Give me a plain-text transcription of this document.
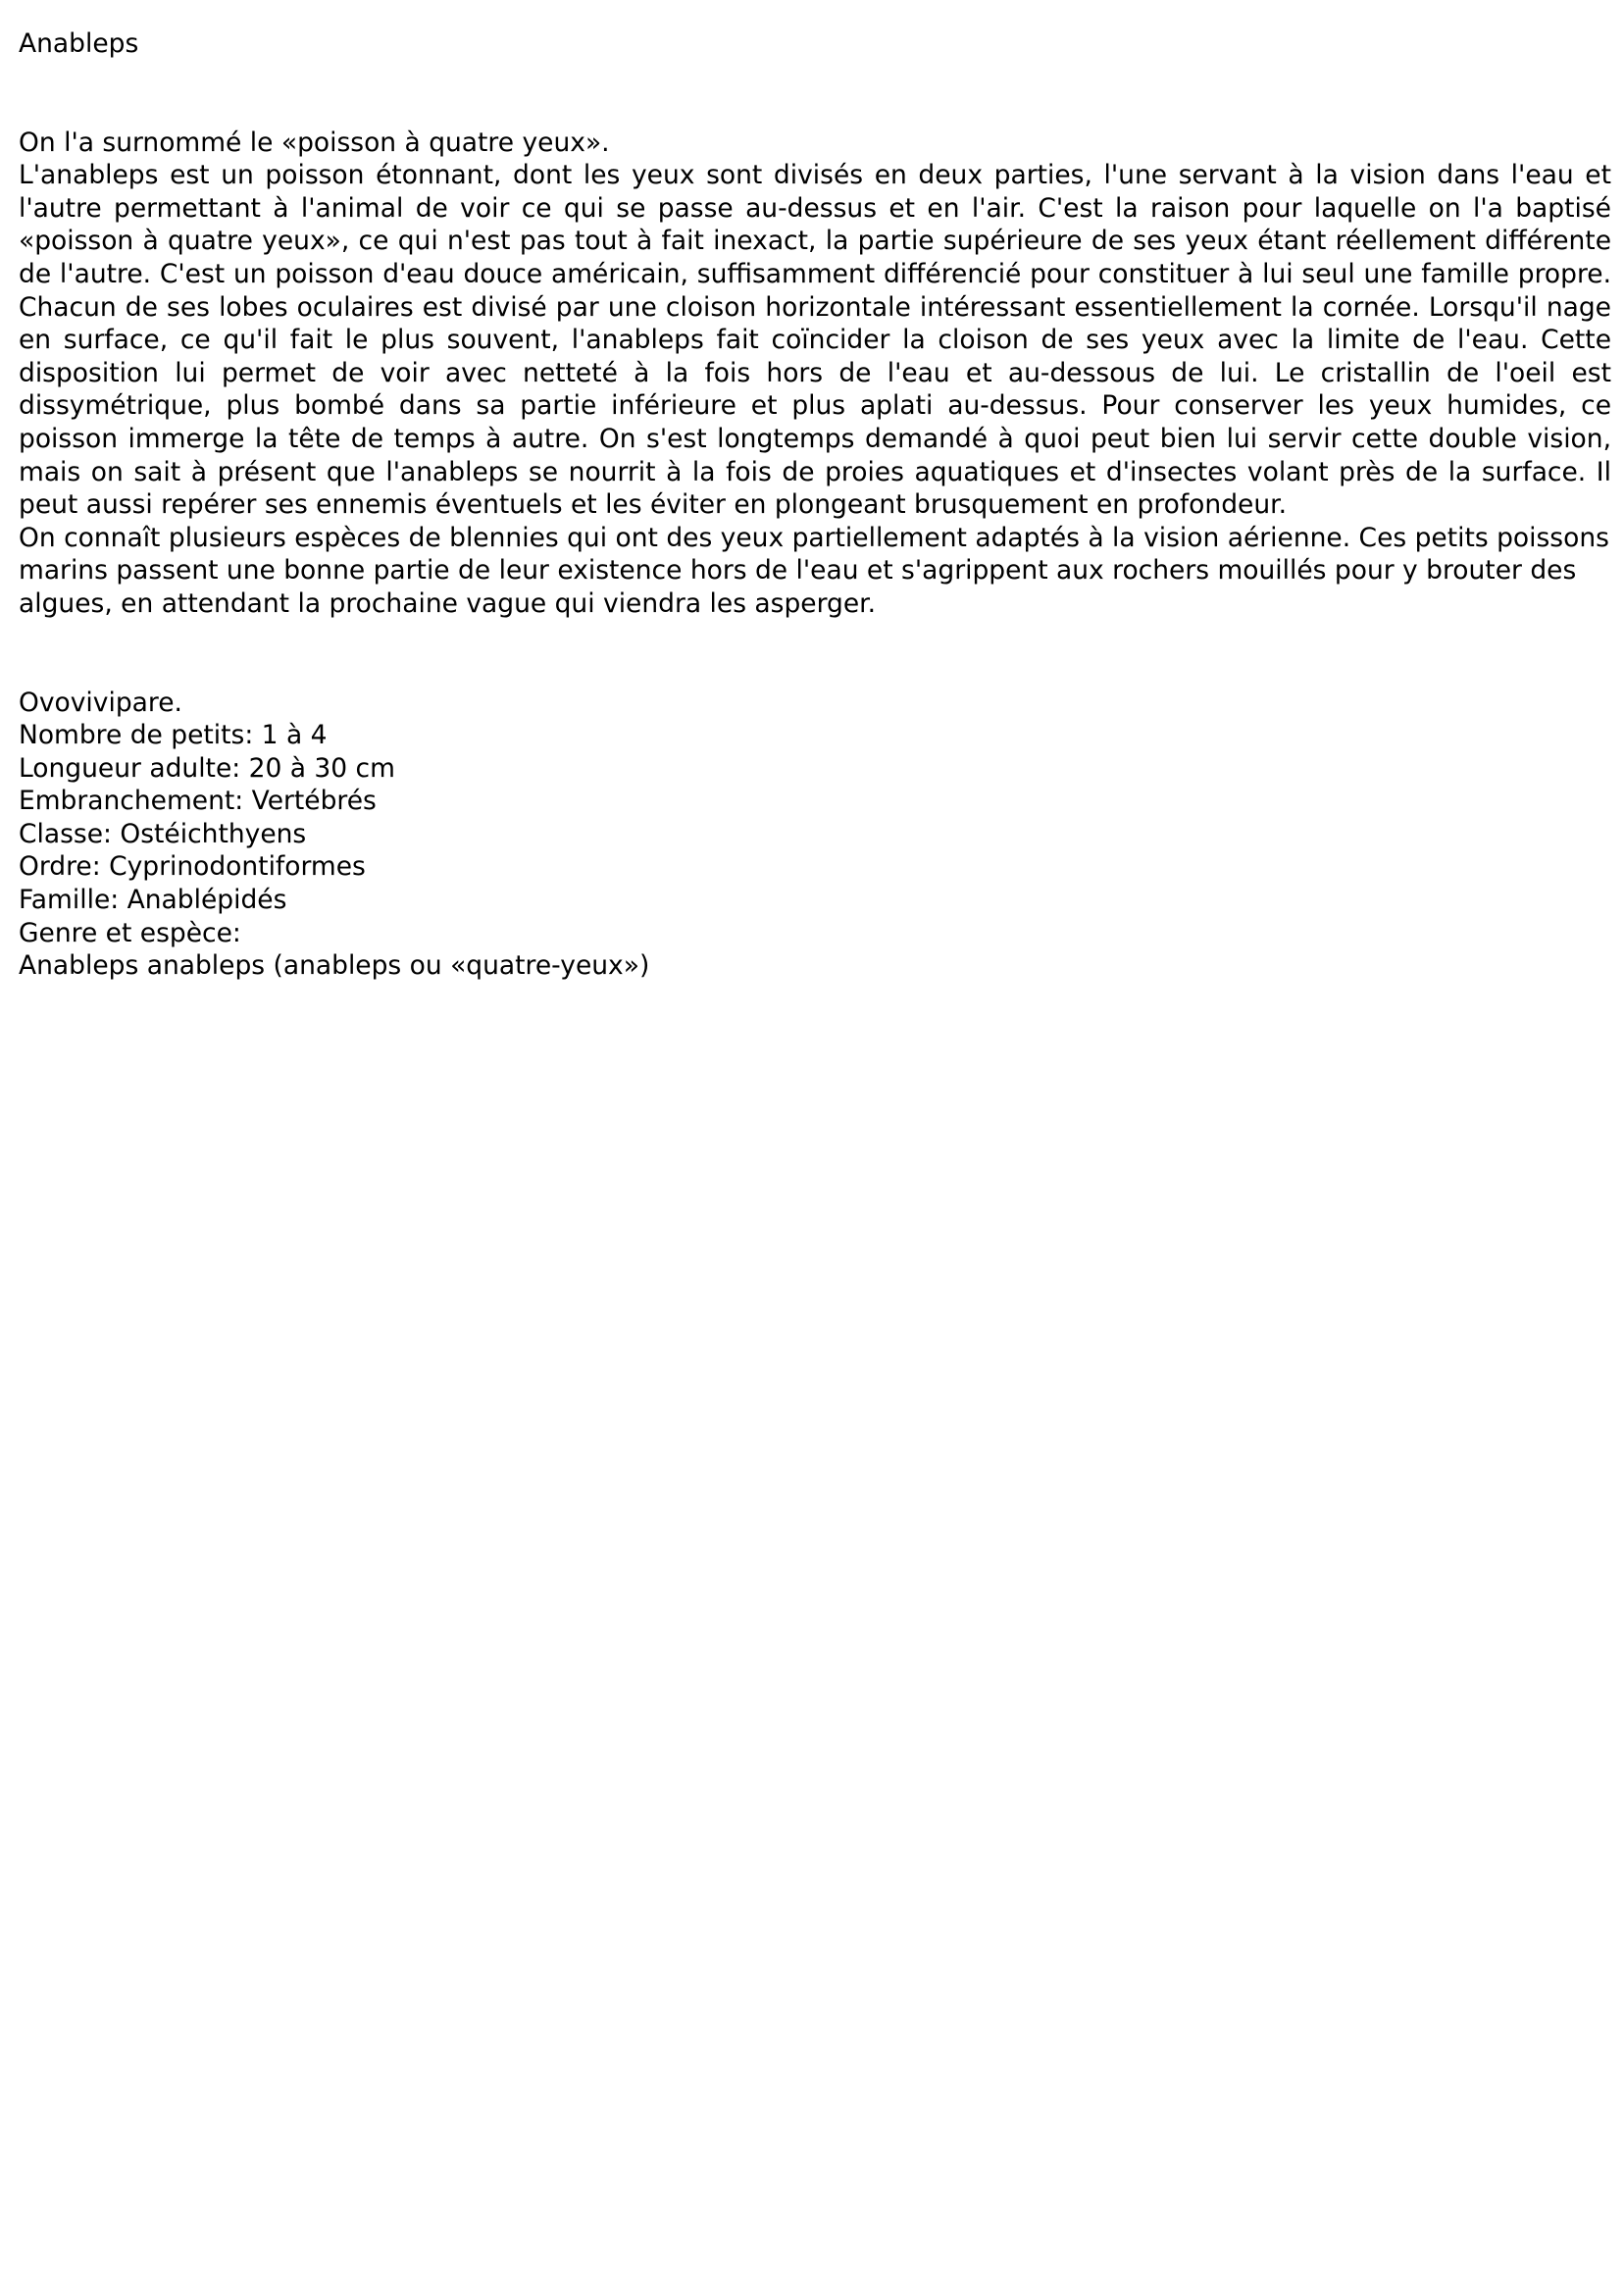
Anableps

On l'a surnommé le «poisson à quatre yeux».

L'anableps est un poisson étonnant, dont les yeux sont divisés en deux parties, l'une servant à la vision dans l'eau et l'autre permettant à l'animal de voir ce qui se passe au-dessus et en l'air. C'est la raison pour laquelle on l'a baptisé «poisson à quatre yeux», ce qui n'est pas tout à fait inexact, la partie supérieure de ses yeux étant réellement différente de l'autre. C'est un poisson d'eau douce américain, suffisamment différencié pour constituer à lui seul une famille propre. Chacun de ses lobes oculaires est divisé par une cloison horizontale intéressant essentiellement la cornée. Lorsqu'il nage en surface, ce qu'il fait le plus souvent, l'anableps fait coïncider la cloison de ses yeux avec la limite de l'eau. Cette disposition lui permet de voir avec netteté à la fois hors de l'eau et au-dessous de lui. Le cristallin de l'oeil est dissymétrique, plus bombé dans sa partie inférieure et plus aplati au-dessus. Pour conserver les yeux humides, ce poisson immerge la tête de temps à autre. On s'est longtemps demandé à quoi peut bien lui servir cette double vision, mais on sait à présent que l'anableps se nourrit à la fois de proies aquatiques et d'insectes volant près de la surface. Il peut aussi repérer ses ennemis éventuels et les éviter en plongeant brusquement en profondeur.

On connaît plusieurs espèces de blennies qui ont des yeux partiellement adaptés à la vision aérienne. Ces petits poissons marins passent une bonne partie de leur existence hors de l'eau et s'agrippent aux rochers mouillés pour y brouter des algues, en attendant la prochaine vague qui viendra les asperger.

Ovovivipare.
Nombre de petits: 1 à 4
Longueur adulte: 20 à 30 cm
Embranchement: Vertébrés
Classe: Ostéichthyens
Ordre: Cyprinodontiformes
Famille: Anablépidés
Genre et espèce:
Anableps anableps (anableps ou «quatre-yeux»)
